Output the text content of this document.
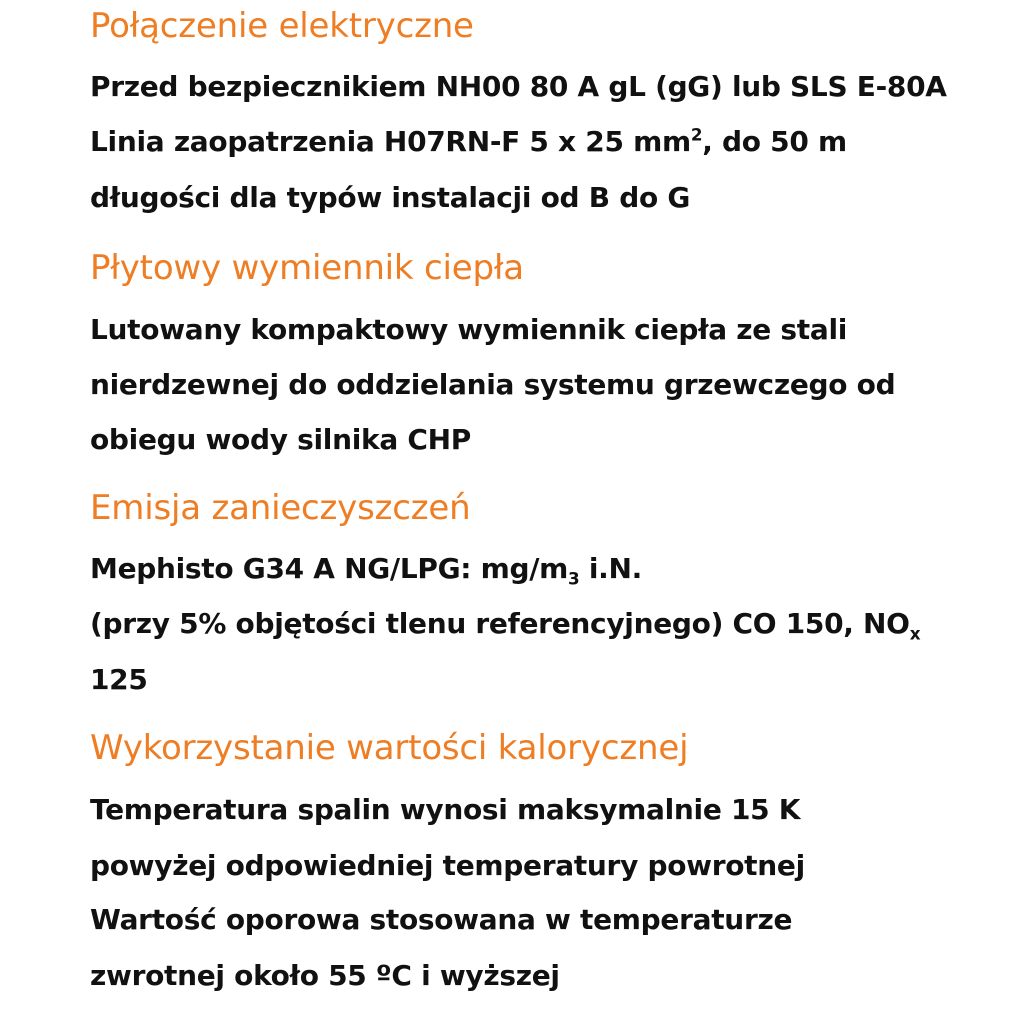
Połączenie elektryczne

Przed bezpiecznikiem NH00 80 A gL (gG) lub SLS E-80A

Linia zaopatrzenia H07RN-F 5 x 25 $mm^2$, do 50 m

długości dla typów instalacji od B do G

Płytowy wymiennik ciepła

Lutowany kompaktowy wymiennik ciepła ze stali

nierdzewnej do oddzielania systemu grzewczego od

obiegu wody silnika CHP

Emisja zanieczyszczeń

Mephisto G34 A NG/LPG: $mg/m_3$ i.N.

(przy 5% objętości tlenu referencyjnego) CO 150, $NO_x$

125

Wykorzystanie wartości kalorycznej

Temperatura spalin wynosi maksymalnie 15 K

powyżej odpowiedniej temperatury powrotnej

Wartość oporowa stosowana w temperaturze

zwrotnej około 55 ºC i wyższej
